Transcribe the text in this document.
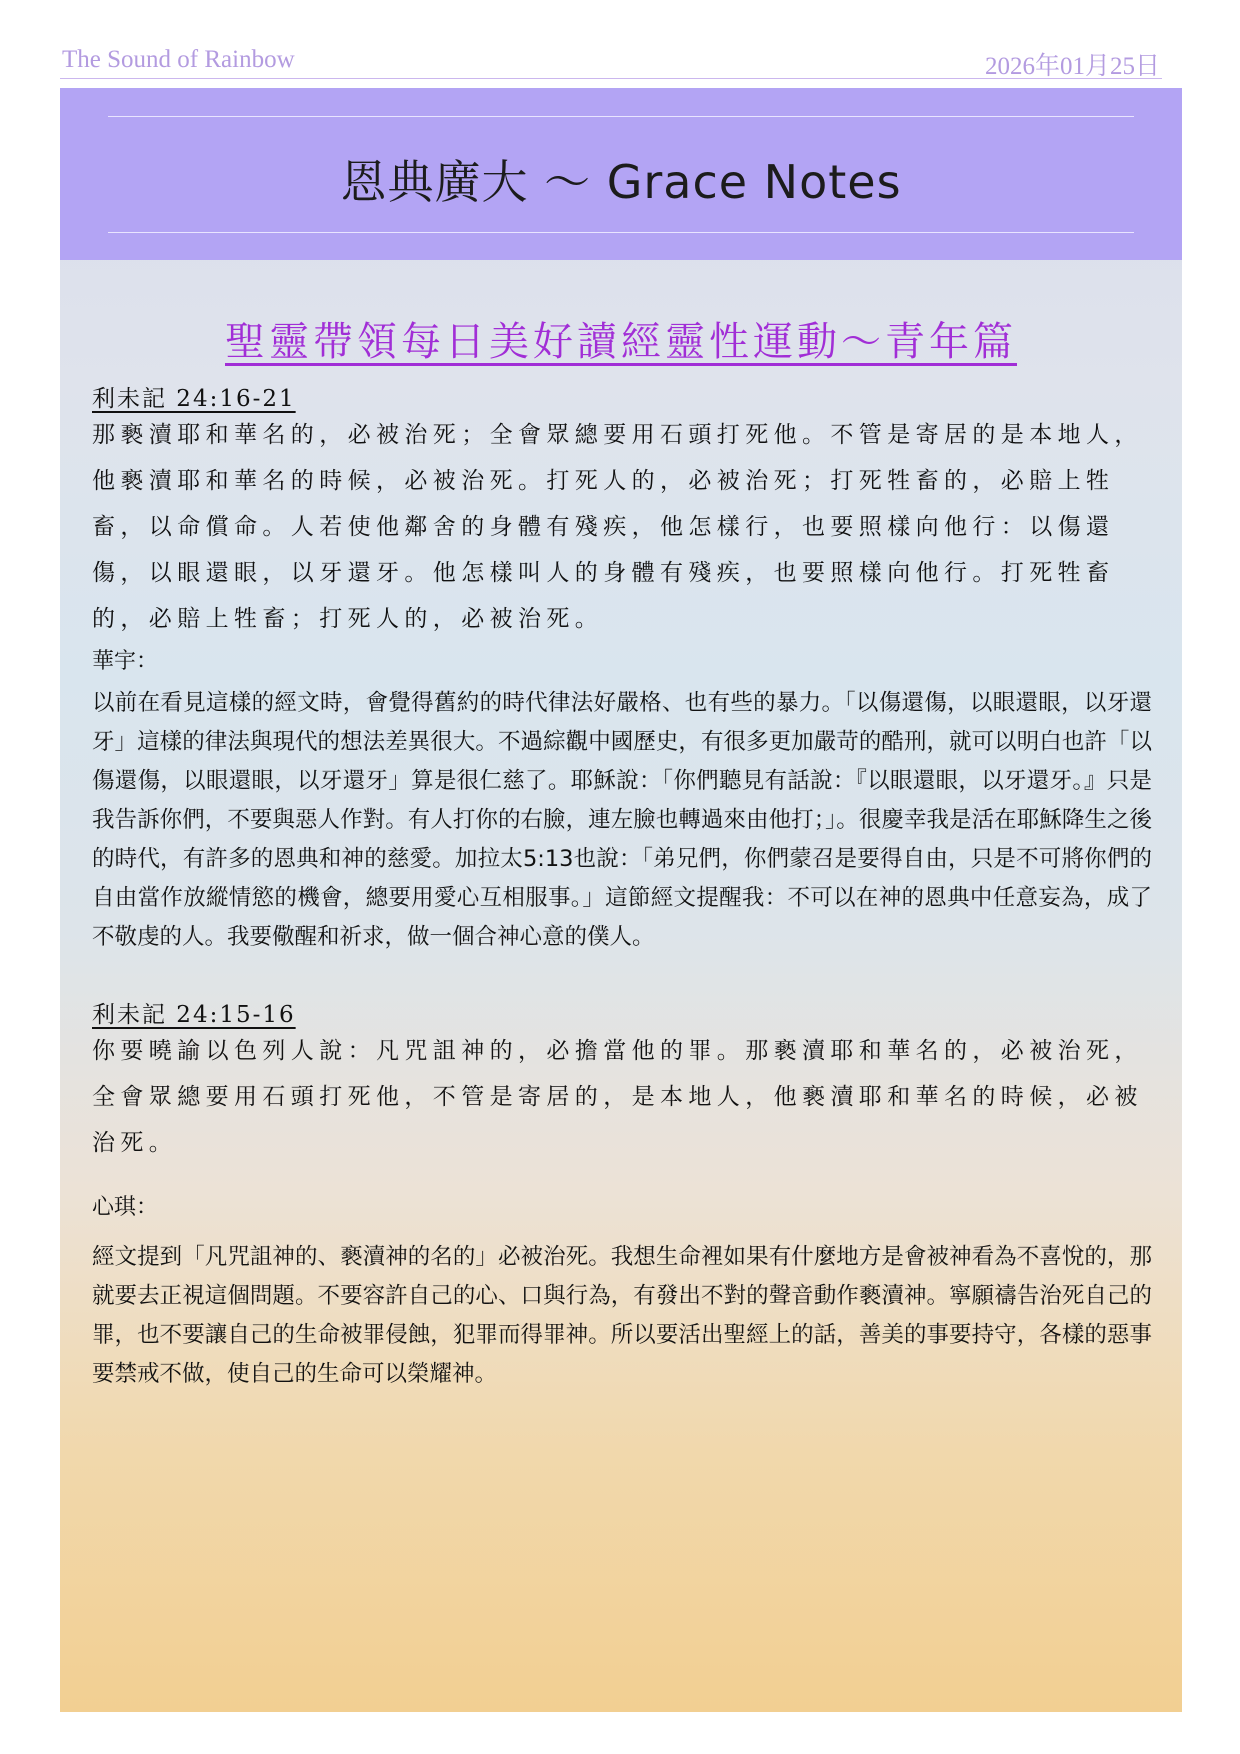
The Sound of Rainbow	2026年01月25日
恩典廣大 ～ Grace Notes
聖靈帶領每日美好讀經靈性運動～青年篇
利未記 24:16-21

那褻瀆耶和華名的，必被治死；全會眾總要用石頭打死他。不管是寄居的是本地人，他褻瀆耶和華名的時候，必被治死。打死人的，必被治死；打死牲畜的，必賠上牲畜，以命償命。人若使他鄰舍的身體有殘疾，他怎樣行，也要照樣向他行：以傷還傷，以眼還眼，以牙還牙。他怎樣叫人的身體有殘疾，也要照樣向他行。打死牲畜的，必賠上牲畜；打死人的，必被治死。

華宇：

以前在看見這樣的經文時，會覺得舊約的時代律法好嚴格、也有些的暴力。「以傷還傷，以眼還眼，以牙還牙」這樣的律法與現代的想法差異很大。不過綜觀中國歷史，有很多更加嚴苛的酷刑，就可以明白也許「以傷還傷，以眼還眼，以牙還牙」算是很仁慈了。耶穌說：「你們聽見有話說：『以眼還眼，以牙還牙。』只是我告訴你們，不要與惡人作對。有人打你的右臉，連左臉也轉過來由他打；」。很慶幸我是活在耶穌降生之後的時代，有許多的恩典和神的慈愛。加拉太5:13也說：「弟兄們，你們蒙召是要得自由，只是不可將你們的自由當作放縱情慾的機會，總要用愛心互相服事。」這節經文提醒我：不可以在神的恩典中任意妄為，成了不敬虔的人。我要儆醒和祈求，做一個合神心意的僕人。

利未記 24:15-16

你要曉諭以色列人說：凡咒詛神的，必擔當他的罪。那褻瀆耶和華名的，必被治死，全會眾總要用石頭打死他，不管是寄居的，是本地人，他褻瀆耶和華名的時候，必被治死。

心琪：

經文提到「凡咒詛神的、褻瀆神的名的」必被治死。我想生命裡如果有什麼地方是會被神看為不喜悅的，那就要去正視這個問題。不要容許自己的心、口與行為，有發出不對的聲音動作褻瀆神。寧願禱告治死自己的罪，也不要讓自己的生命被罪侵蝕，犯罪而得罪神。所以要活出聖經上的話，善美的事要持守，各樣的惡事要禁戒不做，使自己的生命可以榮耀神。
